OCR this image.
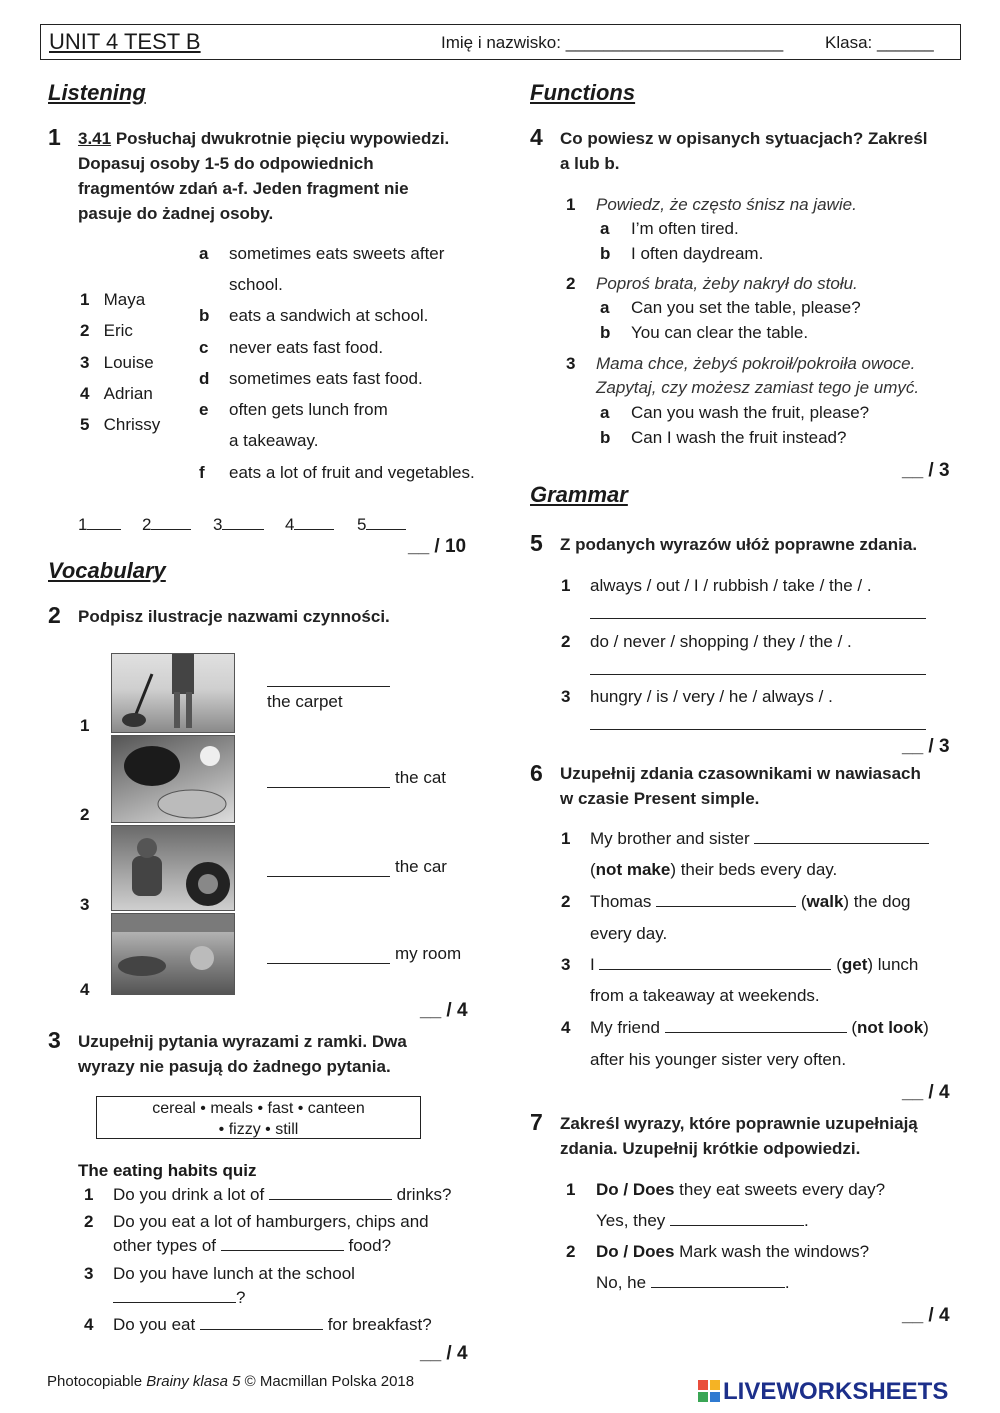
UNIT 4 TEST B	Imię i nazwisko: _______________________ Klasa: ______
Listening
1 3.41 Posłuchaj dwukrotnie pięciu wypowiedzi.
Dopasuj osoby 1-5 do odpowiednich
fragmentów zdań a-f. Jeden fragment nie
pasuje do żadnej osoby.
1 Maya
2 Eric
3 Louise
4 Adrian
5 Chrissy
a sometimes eats sweets after
school.
b eats a sandwich at school.
c never eats fast food.
d sometimes eats fast food.
e often gets lunch from
a takeaway.
f eats a lot of fruit and vegetables.
1	2	3	4	5
__ / 10
Vocabulary
2 Podpisz ilustracje nazwami czynności.
1
2
3
4
the carpet
the cat
the car
my room
__ / 4
3 Uzupełnij pytania wyrazami z ramki. Dwa
wyrazy nie pasują do żadnego pytania.
cereal • meals • fast • canteen
• fizzy • still
The eating habits quiz
1 Do you drink a lot of	drinks?
2 Do you eat a lot of hamburgers, chips and
other types of	food?
3 Do you have lunch at the school
?
4 Do you eat	for breakfast?
__ / 4
Functions
4 Co powiesz w opisanych sytuacjach? Zakreśl
a lub b.
1 Powiedz, że często śnisz na jawie.
a I’m often tired.
b I often daydream.
2 Poproś brata, żeby nakrył do stołu.
a Can you set the table, please?
b You can clear the table.
3 Mama chce, żebyś pokroił/pokroiła owoce.
Zapytaj, czy możesz zamiast tego je umyć.
a Can you wash the fruit, please?
b Can I wash the fruit instead?
__ / 3
Grammar
5 Z podanych wyrazów ułóż poprawne zdania.
1 always / out / I / rubbish / take / the / .
2 do / never / shopping / they / the / .
3 hungry / is / very / he / always / .
__ / 3
6 Uzupełnij zdania czasownikami w nawiasach
w czasie Present simple.
1 My brother and sister
(not make) their beds every day.
2 Thomas	(walk) the dog
every day.
3 I	(get) lunch
from a takeaway at weekends.
4 My friend	(not look)
after his younger sister very often.
__ / 4
7 Zakreśl wyrazy, które poprawnie uzupełniają
zdania. Uzupełnij krótkie odpowiedzi.
1 Do / Does they eat sweets every day?
Yes, they	.
2 Do / Does Mark wash the windows?
No, he	.
__ / 4
Photocopiable Brainy klasa 5 © Macmillan Polska 2018	LIVEWORKSHEETS
